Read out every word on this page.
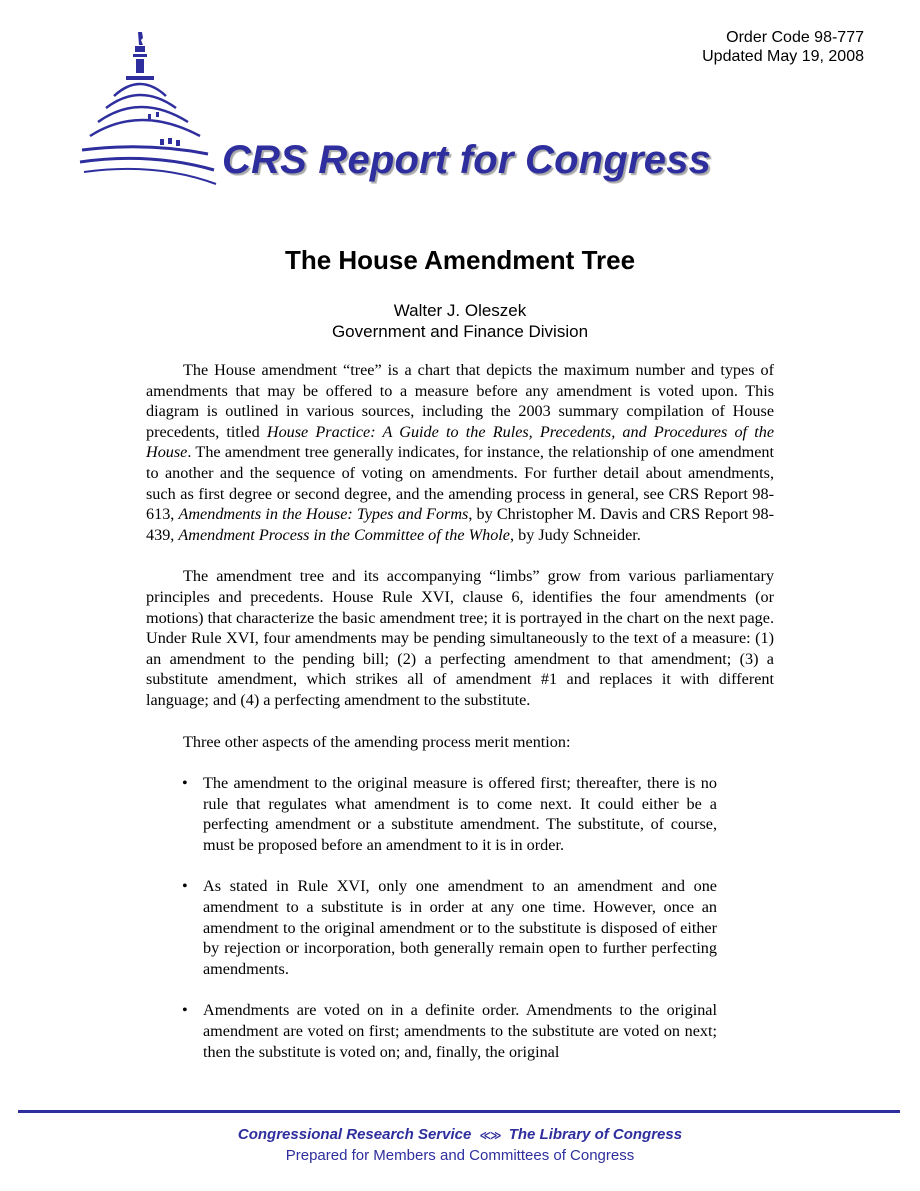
Order Code 98-777
Updated May 19, 2008
CRS Report for Congress
The House Amendment Tree
Walter J. Oleszek
Government and Finance Division

The House amendment “tree” is a chart that depicts the maximum number and types of amendments that may be offered to a measure before any amendment is voted upon. This diagram is outlined in various sources, including the 2003 summary compilation of House precedents, titled House Practice: A Guide to the Rules, Precedents, and Procedures of the House. The amendment tree generally indicates, for instance, the relationship of one amendment to another and the sequence of voting on amendments. For further detail about amendments, such as first degree or second degree, and the amending process in general, see CRS Report 98-613, Amendments in the House: Types and Forms, by Christopher M. Davis and CRS Report 98-439, Amendment Process in the Committee of the Whole, by Judy Schneider.

The amendment tree and its accompanying “limbs” grow from various parliamentary principles and precedents. House Rule XVI, clause 6, identifies the four amendments (or motions) that characterize the basic amendment tree; it is portrayed in the chart on the next page. Under Rule XVI, four amendments may be pending simultaneously to the text of a measure: (1) an amendment to the pending bill; (2) a perfecting amendment to that amendment; (3) a substitute amendment, which strikes all of amendment #1 and replaces it with different language; and (4) a perfecting amendment to the substitute.

Three other aspects of the amending process merit mention:

• The amendment to the original measure is offered first; thereafter, there is no rule that regulates what amendment is to come next. It could either be a perfecting amendment or a substitute amendment. The substitute, of course, must be proposed before an amendment to it is in order.
• As stated in Rule XVI, only one amendment to an amendment and one amendment to a substitute is in order at any one time. However, once an amendment to the original amendment or to the substitute is disposed of either by rejection or incorporation, both generally remain open to further perfecting amendments.
• Amendments are voted on in a definite order. Amendments to the original amendment are voted on first; amendments to the substitute are voted on next; then the substitute is voted on; and, finally, the original
Congressional Research Service ≪≫ The Library of Congress
Prepared for Members and Committees of Congress
